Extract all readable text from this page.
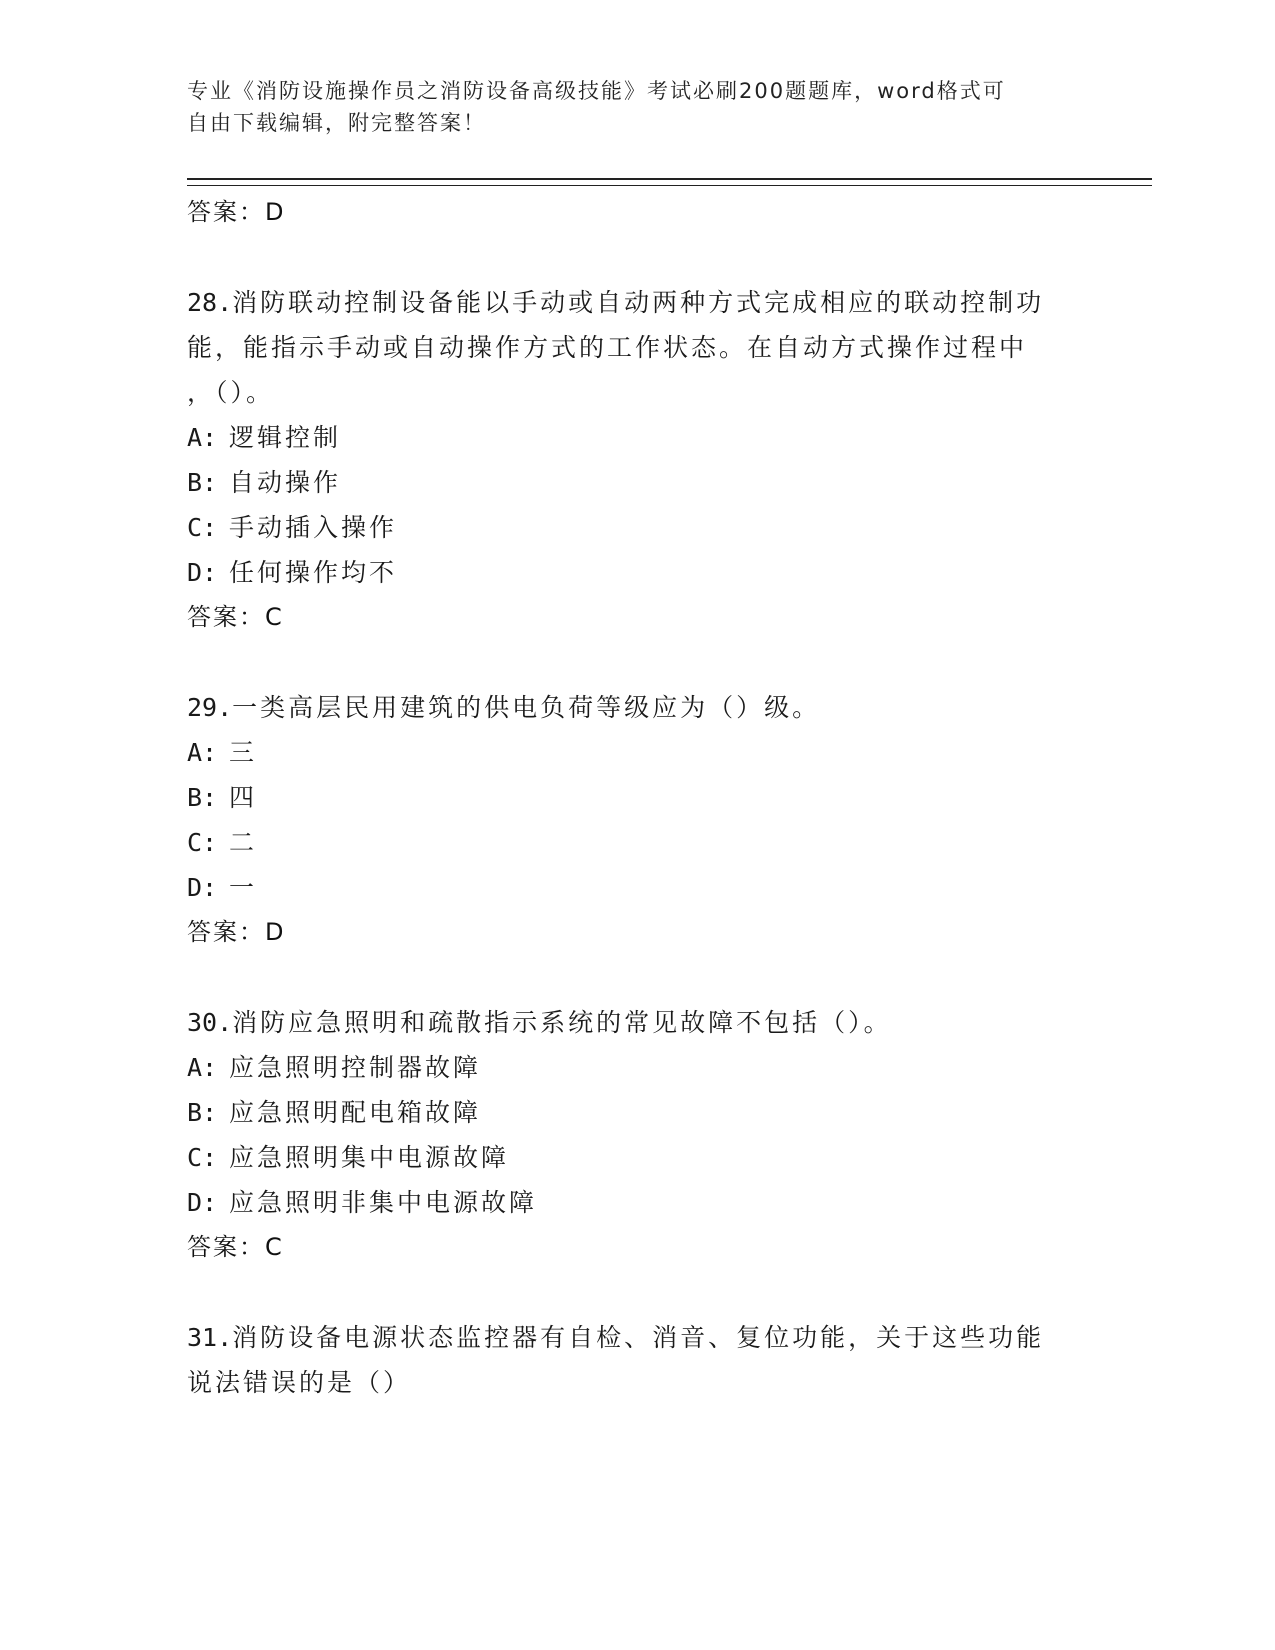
专业《消防设施操作员之消防设备高级技能》考试必刷200题题库，word格式可
自由下载编辑，附完整答案！

答案：D

28.消防联动控制设备能以手动或自动两种方式完成相应的联动控制功

能，能指示手动或自动操作方式的工作状态。在自动方式操作过程中

，（）。

A: 逻辑控制

B: 自动操作

C: 手动插入操作

D: 任何操作均不

答案：C

29.一类高层民用建筑的供电负荷等级应为（）级。

A: 三

B: 四

C: 二

D: 一

答案：D

30.消防应急照明和疏散指示系统的常见故障不包括（）。

A: 应急照明控制器故障

B: 应急照明配电箱故障

C: 应急照明集中电源故障

D: 应急照明非集中电源故障

答案：C

31.消防设备电源状态监控器有自检、消音、复位功能，关于这些功能

说法错误的是（）
